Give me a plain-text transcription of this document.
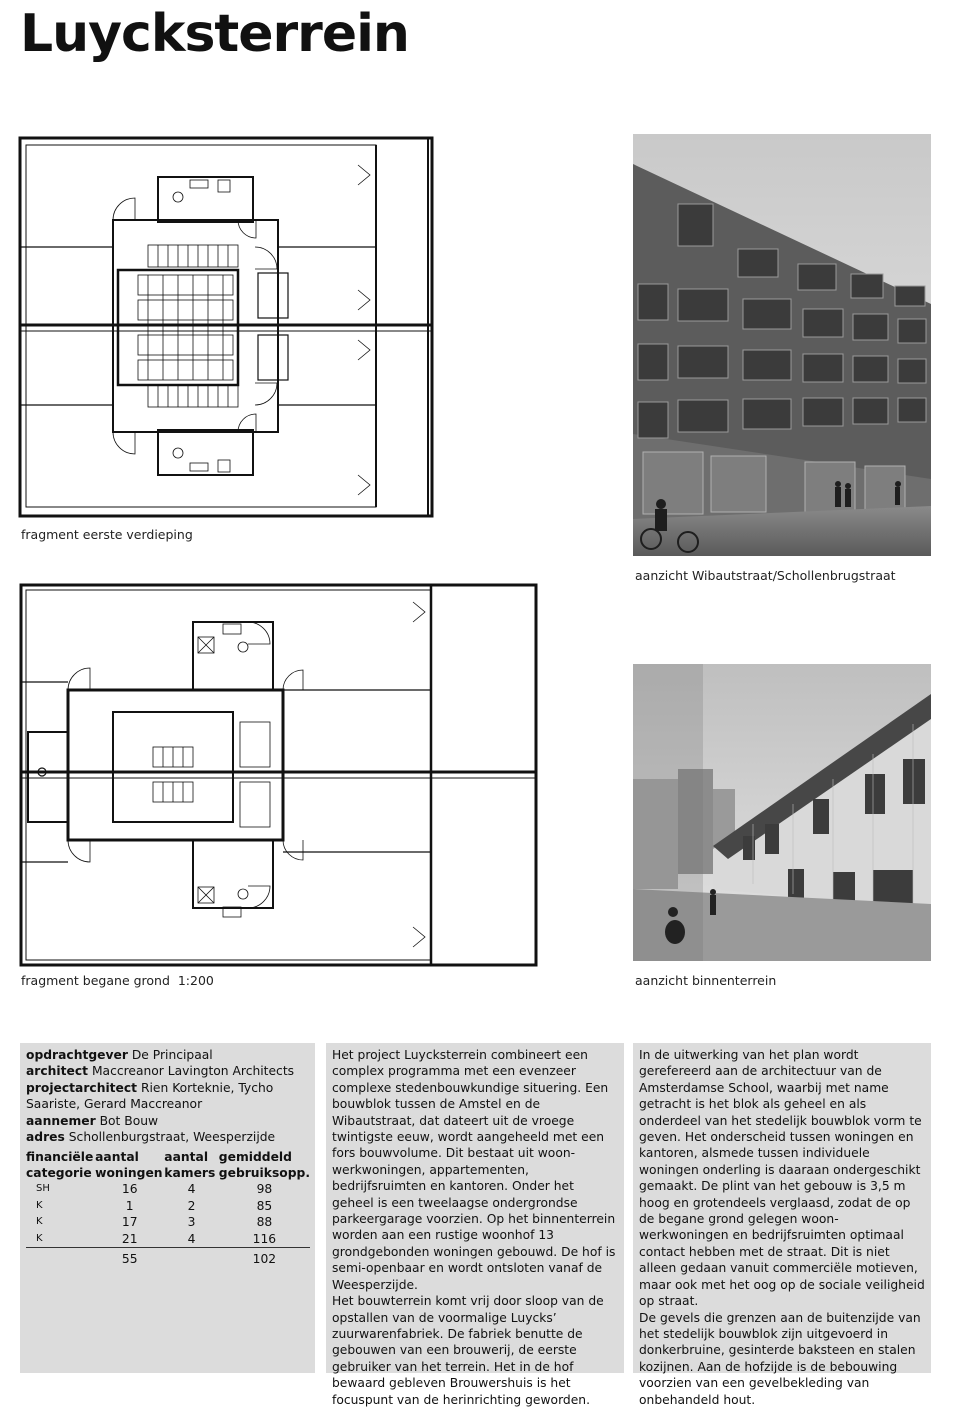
Luycksterrein
fragment eerste verdieping
fragment begane grond  1:200
aanzicht Wibautstraat/Schollenbrugstraat
aanzicht binnenterrein

opdrachtgever De Principaal

architect Maccreanor Lavington Architects

projectarchitect Rien Korteknie, Tycho Saariste, Gerard Maccreanor

aannemer Bot Bouw

adres Schollenburgstraat, Weesperzijde

financiële categorie	aantal woningen	aantal kamers	gemiddeld gebruiksopp.
SH	16	4	98
K	1	2	85
K	17	3	88
K	21	4	116
	55		102

Het project Luycksterrein combineert een complex programma met een evenzeer complexe stedenbouwkundige situering. Een bouwblok tussen de Amstel en de Wibautstraat, dat dateert uit de vroege twintigste eeuw, wordt aangeheeld met een fors bouwvolume. Dit bestaat uit woon-werkwoningen, appartementen, bedrijfsruimten en kantoren. Onder het geheel is een tweelaagse ondergrondse parkeergarage voorzien. Op het binnenterrein worden aan een rustige woonhof 13 grondgebonden woningen gebouwd. De hof is semi-openbaar en wordt ontsloten vanaf de Weesperzijde.

Het bouwterrein komt vrij door sloop van de opstallen van de voormalige Luycks’ zuurwarenfabriek. De fabriek benutte de gebouwen van een brouwerij, de eerste gebruiker van het terrein. Het in de hof bewaard gebleven Brouwershuis is het focuspunt van de herinrichting geworden.

In de uitwerking van het plan wordt gerefereerd aan de architectuur van de Amsterdamse School, waarbij met name getracht is het blok als geheel en als onderdeel van het stedelijk bouwblok vorm te geven. Het onderscheid tussen woningen en kantoren, alsmede tussen individuele woningen onderling is daaraan ondergeschikt gemaakt. De plint van het gebouw is 3,5 m hoog en grotendeels verglaasd, zodat de op de begane grond gelegen woon-werkwoningen en bedrijfsruimten optimaal contact hebben met de straat. Dit is niet alleen gedaan vanuit commerciële motieven, maar ook met het oog op de sociale veiligheid op straat.

De gevels die grenzen aan de buitenzijde van het stedelijk bouwblok zijn uitgevoerd in donkerbruine, gesinterde baksteen en stalen kozijnen. Aan de hofzijde is de bebouwing voorzien van een gevelbekleding van onbehandeld hout.
